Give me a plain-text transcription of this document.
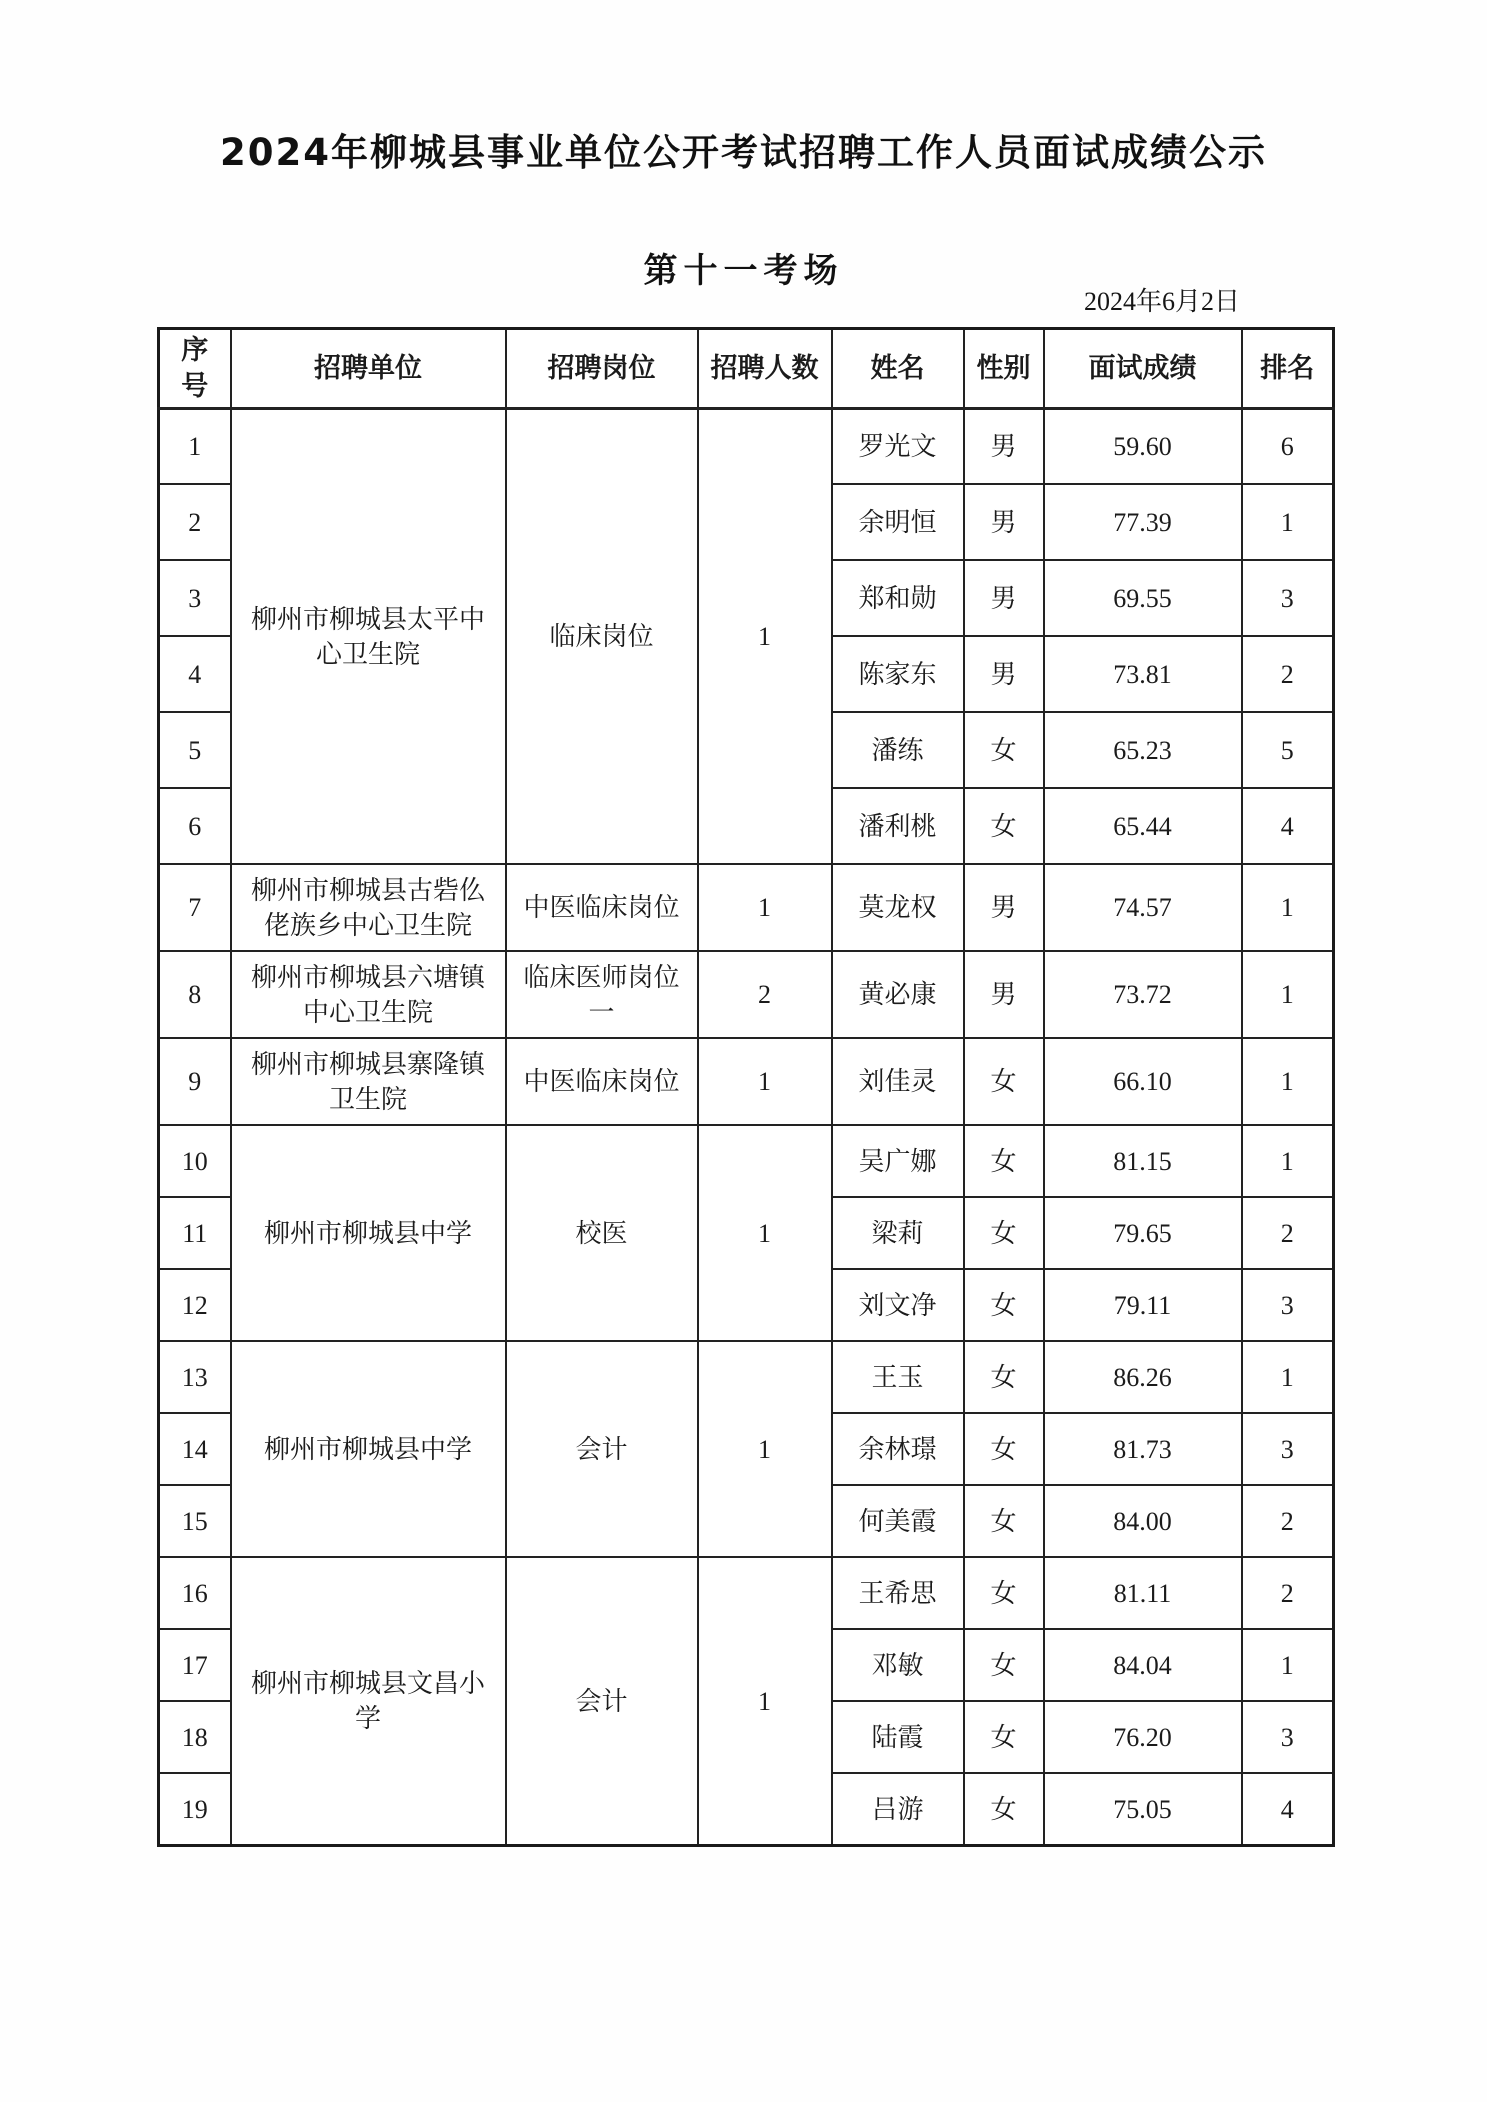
2024年柳城县事业单位公开考试招聘工作人员面试成绩公示
第十一考场
2024年6月2日
序号	招聘单位	招聘岗位	招聘人数	姓名	性别	面试成绩	排名
1	柳州市柳城县太平中心卫生院	临床岗位	1	罗光文	男	59.60	6
2				余明恒	男	77.39	1
3				郑和勋	男	69.55	3
4				陈家东	男	73.81	2
5				潘练	女	65.23	5
6				潘利桃	女	65.44	4
7	柳州市柳城县古砦仫佬族乡中心卫生院	中医临床岗位	1	莫龙权	男	74.57	1
8	柳州市柳城县六塘镇中心卫生院	临床医师岗位一	2	黄必康	男	73.72	1
9	柳州市柳城县寨隆镇卫生院	中医临床岗位	1	刘佳灵	女	66.10	1
10	柳州市柳城县中学	校医	1	吴广娜	女	81.15	1
11				梁莉	女	79.65	2
12				刘文净	女	79.11	3
13	柳州市柳城县中学	会计	1	王玉	女	86.26	1
14				余林璟	女	81.73	3
15				何美霞	女	84.00	2
16	柳州市柳城县文昌小学	会计	1	王希思	女	81.11	2
17				邓敏	女	84.04	1
18				陆霞	女	76.20	3
19				吕游	女	75.05	4
